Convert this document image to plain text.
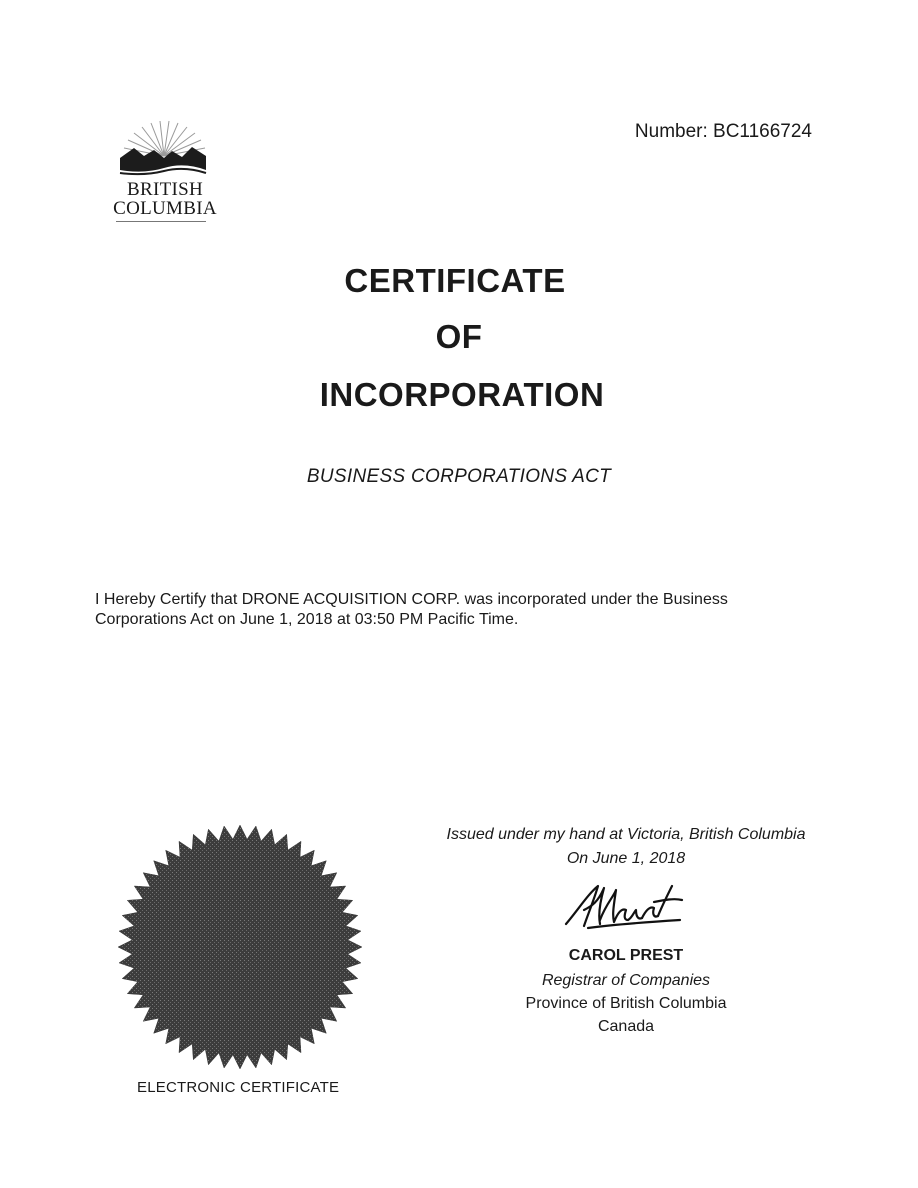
BRITISH
COLUMBIA
Number: BC1166724
CERTIFICATE
OF
INCORPORATION
BUSINESS CORPORATIONS ACT

I Hereby Certify that DRONE ACQUISITION CORP. was incorporated under the Business

Corporations Act on June 1, 2018 at 03:50 PM Pacific Time.

ELECTRONIC CERTIFICATE
Issued under my hand at Victoria, British Columbia
On June 1, 2018
CAROL PREST
Registrar of Companies
Province of British Columbia
Canada
